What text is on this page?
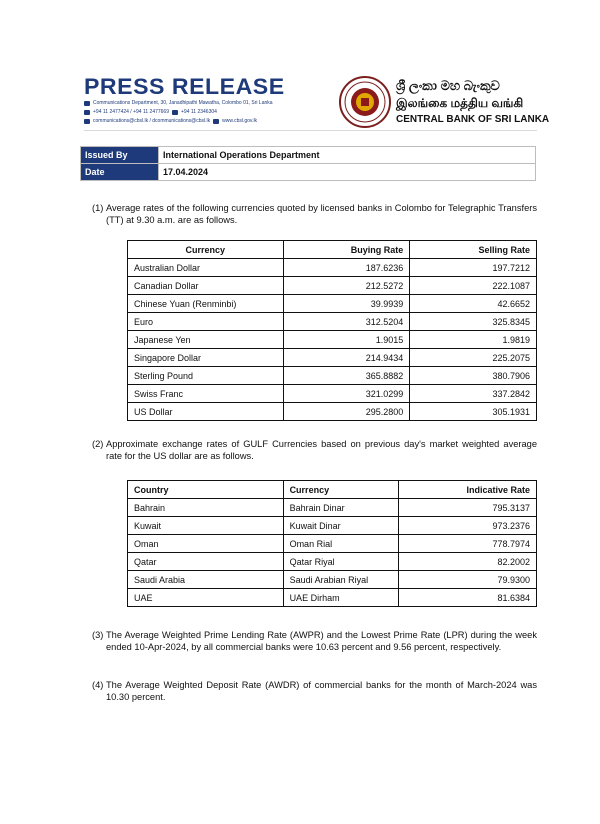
PRESS RELEASE
Communications Department, 30, Janadhipathi Mawatha, Colombo 01, Sri Lanka
+94 11 2477424 / +94 11 2477669 +94 11 2346304
communications@cbsl.lk / dcommunications@cbsl.lk www.cbsl.gov.lk
ශ්‍රී ලංකා මහ බැංකුව
இலங்கை மத்திய வங்கி
CENTRAL BANK OF SRI LANKA
Issued By	International Operations Department
Date	17.04.2024
(1) Average rates of the following currencies quoted by licensed banks in Colombo for Telegraphic Transfers (TT) at 9.30 a.m. are as follows.
Currency	Buying Rate	Selling Rate
Australian Dollar	187.6236	197.7212
Canadian Dollar	212.5272	222.1087
Chinese Yuan (Renminbi)	39.9939	42.6652
Euro	312.5204	325.8345
Japanese Yen	1.9015	1.9819
Singapore Dollar	214.9434	225.2075
Sterling Pound	365.8882	380.7906
Swiss Franc	321.0299	337.2842
US Dollar	295.2800	305.1931
(2) Approximate exchange rates of GULF Currencies based on previous day's market weighted average rate for the US dollar are as follows.
Country	Currency	Indicative Rate
Bahrain	Bahrain Dinar	795.3137
Kuwait	Kuwait Dinar	973.2376
Oman	Oman Rial	778.7974
Qatar	Qatar Riyal	82.2002
Saudi Arabia	Saudi Arabian Riyal	79.9300
UAE	UAE Dirham	81.6384
(3) The Average Weighted Prime Lending Rate (AWPR) and the Lowest Prime Rate (LPR) during the week ended 10-Apr-2024, by all commercial banks were 10.63 percent and 9.56 percent, respectively.
(4) The Average Weighted Deposit Rate (AWDR) of commercial banks for the month of March-2024 was 10.30 percent.
